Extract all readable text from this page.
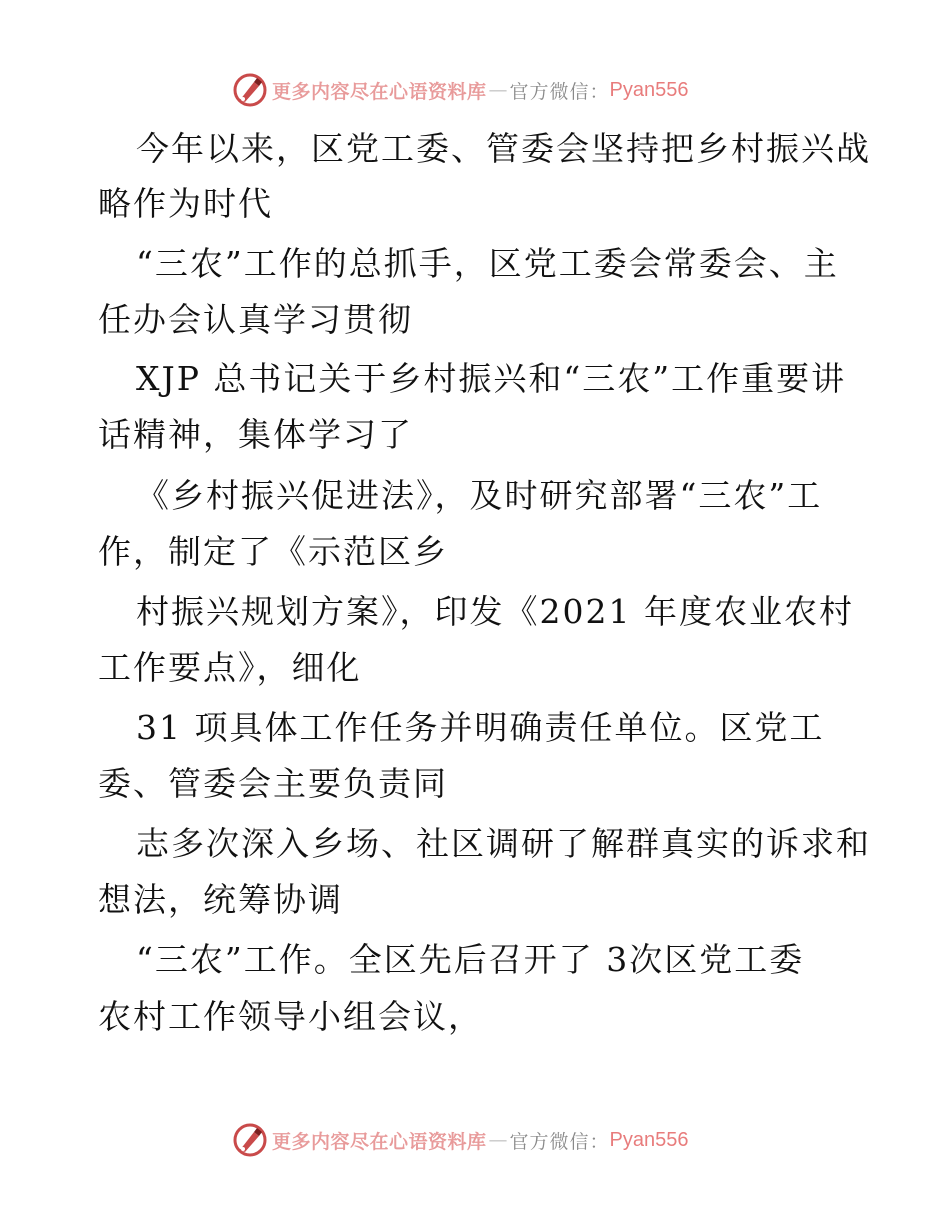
更多内容尽在心语资料库 — 官方微信： Pyan556
今年以来，区党工委、管委会坚持把乡村振兴战
略作为时代
“三农”工作的总抓手，区党工委会常委会、主
任办会认真学习贯彻
XJP 总书记关于乡村振兴和“三农”工作重要讲
话精神，集体学习了
《乡村振兴促进法》，及时研究部署“三农”工
作，制定了《示范区乡
村振兴规划方案》，印发《2021 年度农业农村
工作要点》，细化
31 项具体工作任务并明确责任单位。区党工
委、管委会主要负责同
志多次深入乡场、社区调研了解群真实的诉求和
想法，统筹协调
“三农”工作。全区先后召开了 3次区党工委
农村工作领导小组会议，
更多内容尽在心语资料库 — 官方微信： Pyan556
